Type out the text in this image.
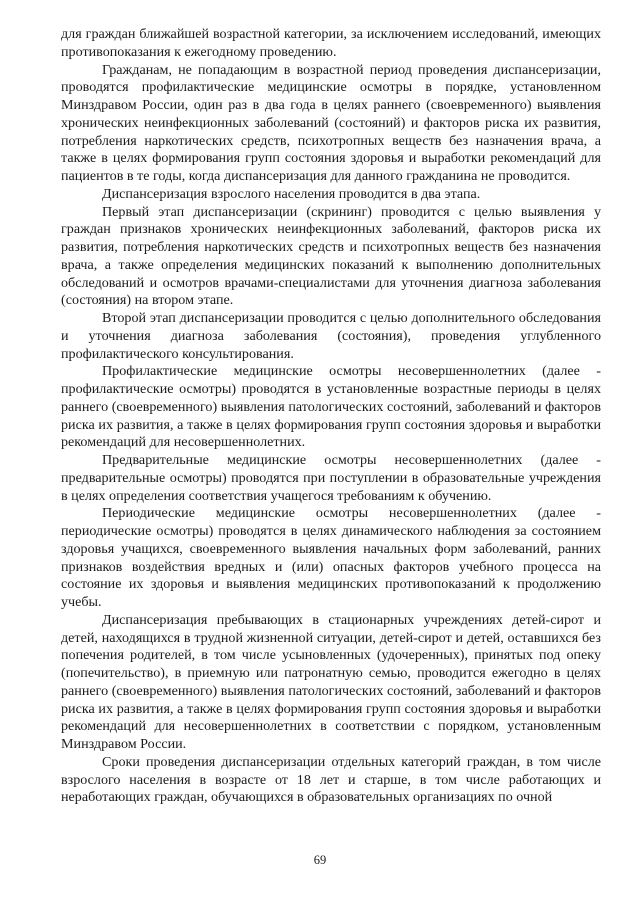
для граждан ближайшей возрастной категории, за исключением исследований, имеющих противопоказания к ежегодному проведению.

Гражданам, не попадающим в возрастной период проведения диспансеризации, проводятся профилактические медицинские осмотры в порядке, установленном Минздравом России, один раз в два года в целях раннего (своевременного) выявления хронических неинфекционных заболеваний (состояний) и факторов риска их развития, потребления наркотических средств, психотропных веществ без назначения врача, а также в целях формирования групп состояния здоровья и выработки рекомендаций для пациентов в те годы, когда диспансеризация для данного гражданина не проводится.

Диспансеризация взрослого населения проводится в два этапа.

Первый этап диспансеризации (скрининг) проводится с целью выявления у граждан признаков хронических неинфекционных заболеваний, факторов риска их развития, потребления наркотических средств и психотропных веществ без назначения врача, а также определения медицинских показаний к выполнению дополнительных обследований и осмотров врачами-специалистами для уточнения диагноза заболевания (состояния) на втором этапе.

Второй этап диспансеризации проводится с целью дополнительного обследования и уточнения диагноза заболевания (состояния), проведения углубленного профилактического консультирования.

Профилактические медицинские осмотры несовершеннолетних (далее - профилактические осмотры) проводятся в установленные возрастные периоды в целях раннего (своевременного) выявления патологических состояний, заболеваний и факторов риска их развития, а также в целях формирования групп состояния здоровья и выработки рекомендаций для несовершеннолетних.

Предварительные медицинские осмотры несовершеннолетних (далее - предварительные осмотры) проводятся при поступлении в образовательные учреждения в целях определения соответствия учащегося требованиям к обучению.

Периодические медицинские осмотры несовершеннолетних (далее - периодические осмотры) проводятся в целях динамического наблюдения за состоянием здоровья учащихся, своевременного выявления начальных форм заболеваний, ранних признаков воздействия вредных и (или) опасных факторов учебного процесса на состояние их здоровья и выявления медицинских противопоказаний к продолжению учебы.

Диспансеризация пребывающих в стационарных учреждениях детей-сирот и детей, находящихся в трудной жизненной ситуации, детей-сирот и детей, оставшихся без попечения родителей, в том числе усыновленных (удочеренных), принятых под опеку (попечительство), в приемную или патронатную семью, проводится ежегодно в целях раннего (своевременного) выявления патологических состояний, заболеваний и факторов риска их развития, а также в целях формирования групп состояния здоровья и выработки рекомендаций для несовершеннолетних в соответствии с порядком, установленным Минздравом России.

Сроки проведения диспансеризации отдельных категорий граждан, в том числе взрослого населения в возрасте от 18 лет и старше, в том числе работающих и неработающих граждан, обучающихся в образовательных организациях по очной

69
